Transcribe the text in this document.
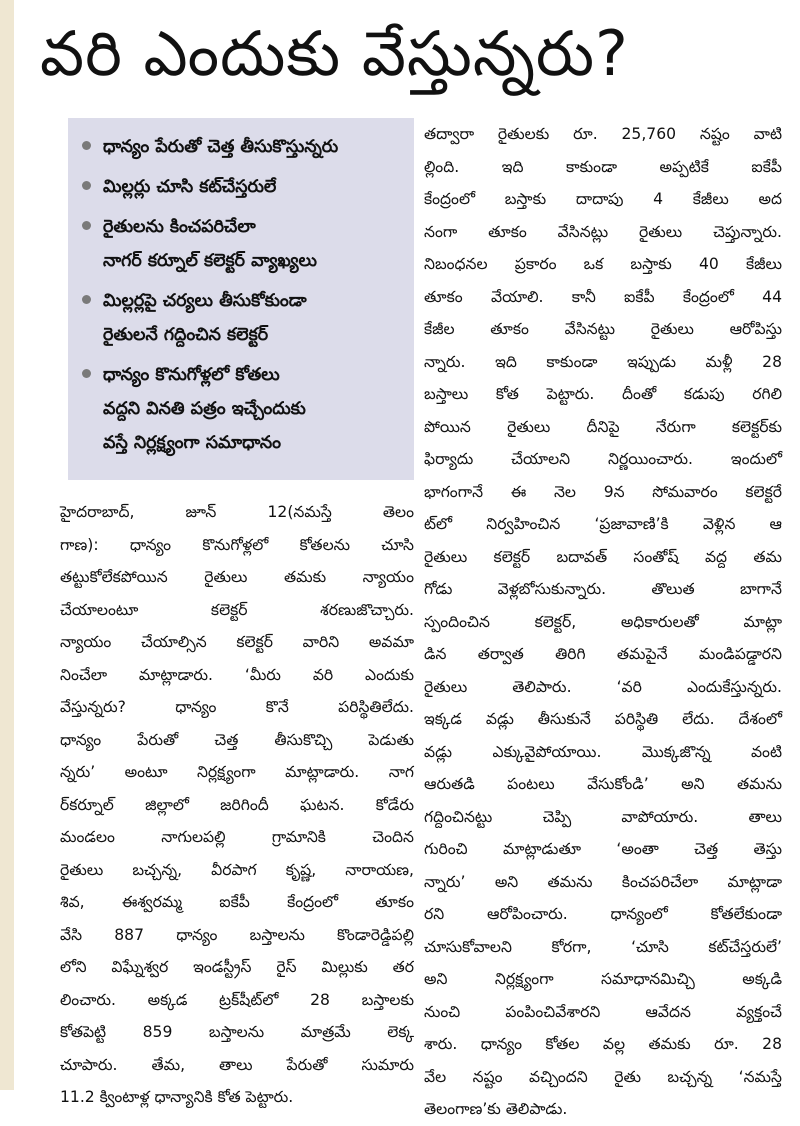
వరి ఎందుకు వేస్తున్నరు?
ధాన్యం పేరుతో చెత్త తీసుకొస్తున్నరు
మిల్లర్లు చూసి కట్‌చేస్తరులే
రైతులను కించపరిచేలా
నాగర్ కర్నూల్ కలెక్టర్ వ్యాఖ్యలు
మిల్లర్లపై చర్యలు తీసుకోకుండా
రైతులనే గద్దించిన కలెక్టర్
ధాన్యం కొనుగోళ్లలో కోతలు
వద్దని వినతి పత్రం ఇచ్చేందుకు
వస్తే నిర్లక్ష్యంగా సమాధానం

హైదరాబాద్, జూన్ 12(నమస్తే తెలం

గాణ): ధాన్యం కొనుగోళ్లలో కోతలను చూసి

తట్టుకోలేకపోయిన రైతులు తమకు న్యాయం

చేయాలంటూ కలెక్టర్ శరణుజొచ్చారు.

న్యాయం చేయాల్సిన కలెక్టర్ వారిని అవమా

నించేలా మాట్లాడారు. ‘మీరు వరి ఎందుకు

వేస్తున్నరు? ధాన్యం కొనే పరిస్థితిలేదు.

ధాన్యం పేరుతో చెత్త తీసుకొచ్చి పెడుతు

న్నరు’ అంటూ నిర్లక్ష్యంగా మాట్లాడారు. నాగ

ర్‌కర్నూల్ జిల్లాలో జరిగిందీ ఘటన. కోడేరు

మండలం నాగులపల్లి గ్రామానికి చెందిన

రైతులు బచ్చన్న, వీరపాగ కృష్ణ, నారాయణ,

శివ, ఈశ్వరమ్మ ఐకేపీ కేంద్రంలో తూకం

వేసి 887 ధాన్యం బస్తాలను కొండారెడ్డిపల్లి

లోని విఘ్నేశ్వర ఇండస్ట్రీస్ రైస్ మిల్లుకు తర

లించారు. అక్కడ ట్రక్‌షీట్‌లో 28 బస్తాలకు

కోతపెట్టి 859 బస్తాలను మాత్రమే లెక్క

చూపారు. తేమ, తాలు పేరుతో సుమారు

11.2 క్వింటాళ్ల ధాన్యానికి కోత పెట్టారు.

తద్వారా రైతులకు రూ. 25,760 నష్టం వాటి

ల్లింది. ఇది కాకుండా అప్పటికే ఐకేపీ

కేంద్రంలో బస్తాకు దాదాపు 4 కేజీలు అద

నంగా తూకం వేసినట్లు రైతులు చెప్తున్నారు.

నిబంధనల ప్రకారం ఒక బస్తాకు 40 కేజీలు

తూకం వేయాలి. కానీ ఐకేపీ కేంద్రంలో 44

కేజీల తూకం వేసినట్టు రైతులు ఆరోపిస్తు

న్నారు. ఇది కాకుండా ఇప్పుడు మళ్లీ 28

బస్తాలు కోత పెట్టారు. దీంతో కడుపు రగిలి

పోయిన రైతులు దీనిపై నేరుగా కలెక్టర్‌కు

ఫిర్యాదు చేయాలని నిర్ణయించారు. ఇందులో

భాగంగానే ఈ నెల 9న సోమవారం కలెక్టరే

ట్‌లో నిర్వహించిన ‘ప్రజావాణి’కి వెళ్లిన ఆ

రైతులు కలెక్టర్ బదావత్ సంతోష్ వద్ద తమ

గోడు వెళ్లబోసుకున్నారు. తొలుత బాగానే

స్పందించిన కలెక్టర్, అధికారులతో మాట్లా

డిన తర్వాత తిరిగి తమపైనే మండిపడ్డారని

రైతులు తెలిపారు. ‘వరి ఎందుకేస్తున్నరు.

ఇక్కడ వడ్లు తీసుకునే పరిస్థితి లేదు. దేశంలో

వడ్లు ఎక్కువైపోయాయి. మొక్కజొన్న వంటి

ఆరుతడి పంటలు వేసుకోండి’ అని తమను

గద్దించినట్టు చెప్పి వాపోయారు. తాలు

గురించి మాట్లాడుతూ ‘అంతా చెత్త తెస్తు

న్నారు’ అని తమను కించపరిచేలా మాట్లాడా

రని ఆరోపించారు. ధాన్యంలో కోతలేకుండా

చూసుకోవాలని కోరగా, ‘చూసి కట్‌చేస్తరులే’

అని నిర్లక్ష్యంగా సమాధానమిచ్చి అక్కడి

నుంచి పంపించివేశారని ఆవేదన వ్యక్తంచే

శారు. ధాన్యం కోతల వల్ల తమకు రూ. 28

వేల నష్టం వచ్చిందని రైతు బచ్చన్న ‘నమస్తే

తెలంగాణ’కు తెలిపాడు.
